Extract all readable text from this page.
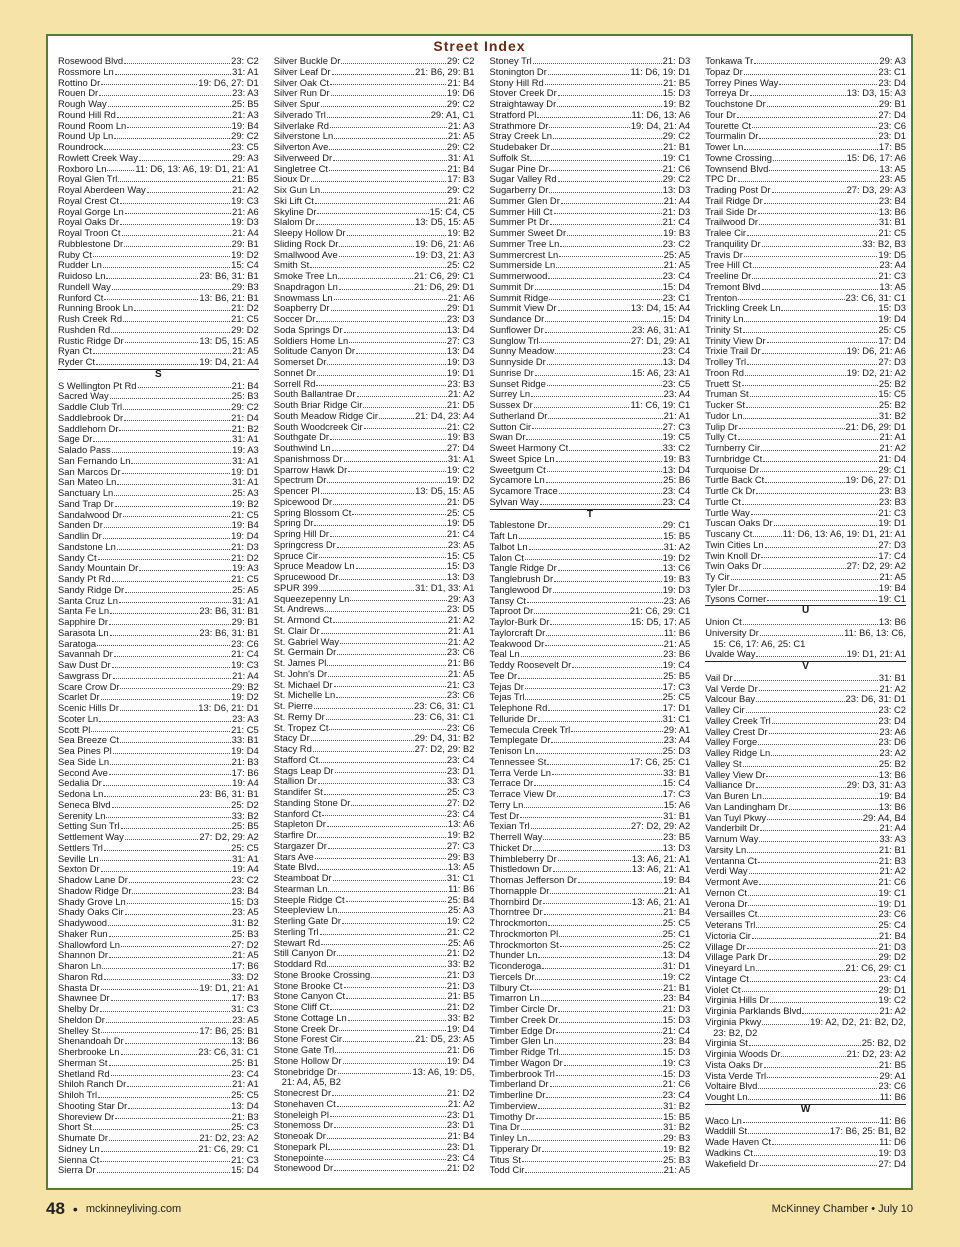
Street Index
Rosewood Blvd	23: C2
Rossmore Ln	31: A1
Rottino Dr	19: D6, 27: D1
Rouen Dr	23: A3
Rough Way	25: B5
Round Hill Rd	21: A3
Round Room Ln	19: B4
Round Up Ln	29: C2
Roundrock	23: C5
Rowlett Creek Way	29: A3
Roxboro Ln	11: D6, 13: A6, 19: D1, 21: A1
Royal Glen Trl	21: B5
Royal Aberdeen Way	21: A2
Royal Crest Ct	19: C3
Royal Gorge Ln	21: A6
Royal Oaks Dr	19: D3
Royal Troon Ct	21: A4
Rubblestone Dr	29: B1
Ruby Ct	19: D2
Rudder Ln	15: C4
Ruidoso Ln	23: B6, 31: B1
Rundell Way	29: B3
Runford Ct	13: B6, 21: B1
Running Brook Ln	21: D2
Rush Creek Rd	21: C5
Rushden Rd	29: D2
Rustic Ridge Dr	13: D5, 15: A5
Ryan Ct	21: A5
Ryder Ct	19: D4, 21: A4
S
S Wellington Pt Rd	21: B4
Sacred Way	25: B3
Saddle Club Trl	29: C2
Saddlebrook Dr	21: D4
Saddlehorn Dr	21: B2
Sage Dr	31: A1
Salado Pass	19: A3
San Fernando Ln	31: A1
San Marcos Dr	19: D1
San Mateo Ln	31: A1
Sanctuary Ln	25: A3
Sand Trap Dr	19: B2
Sandalwood Dr	21: C5
Sanden Dr	19: B4
Sandlin Dr	19: D4
Sandstone Ln	21: D3
Sandy Ct	21: D2
Sandy Mountain Dr	19: A3
Sandy Pt Rd	21: C5
Sandy Ridge Dr	25: A5
Santa Cruz Ln	31: A1
Santa Fe Ln	23: B6, 31: B1
Sapphire Dr	29: B1
Sarasota Ln	23: B6, 31: B1
Saratoga	23: C6
Savannah Dr	21: C4
Saw Dust Dr	19: C3
Sawgrass Dr	21: A4
Scare Crow Dr	29: B2
Scarlet Dr	19: D2
Scenic Hills Dr	13: D6, 21: D1
Scoter Ln	23: A3
Scott Pl	21: C5
Sea Breeze Ct	33: B1
Sea Pines Pl	19: D4
Sea Side Ln	21: B3
Second Ave	17: B6
Sedalia Dr	19: A4
Sedona Ln	23: B6, 31: B1
Seneca Blvd	25: D2
Serenity Ln	33: B2
Setting Sun Trl	25: B5
Settlement Way	27: D2, 29: A2
Settlers Trl	25: C5
Seville Ln	31: A1
Sexton Dr	19: A4
Shadow Lane Dr	23: C2
Shadow Ridge Dr	23: B4
Shady Grove Ln	15: D3
Shady Oaks Cir	23: A5
Shadywood	31: B2
Shaker Run	25: B3
Shallowford Ln	27: D2
Shannon Dr	21: A5
Sharon Ln	17: B6
Sharon Rd	33: D2
Shasta Dr	19: D1, 21: A1
Shawnee Dr	17: B3
Shelby Dr	31: C3
Sheldon Dr	23: A5
Shelley St	17: B6, 25: B1
Shenandoah Dr	13: B6
Sherbrooke Ln	23: C6, 31: C1
Sherman St	25: B1
Shetland Rd	23: C4
Shiloh Ranch Dr	21: A1
Shiloh Trl	25: C5
Shooting Star Dr	13: D4
Shoreview Dr	21: B3
Short St	25: C3
Shumate Dr	21: D2, 23: A2
Sidney Ln	21: C6, 29: C1
Sienna Ct	21: C3
Sierra Dr	15: D4
Silver Buckle Dr	29: C2
Silver Leaf Dr	21: B6, 29: B1
Silver Oak Ct	21: B4
Silver Run Dr	19: D6
Silver Spur	29: C2
Silverado Trl	29: A1, C1
Silverlake Rd	21: A3
Silverstone Ln	21: A5
Silverton Ave	29: C2
Silverweed Dr	31: A1
Singletree Ct	21: B4
Sioux Dr	17: B3
Six Gun Ln	29: C2
Ski Lift Ct	21: A6
Skyline Dr	15: C4, C5
Slalom Dr	13: D5, 15: A5
Sleepy Hollow Dr	19: B2
Sliding Rock Dr	19: D6, 21: A6
Smallwood Ave	19: D3, 21: A3
Smith St	25: C2
Smoke Tree Ln	21: C6, 29: C1
Snapdragon Ln	21: D6, 29: D1
Snowmass Ln	21: A6
Soapberry Dr	29: D1
Soccer Dr	23: D3
Soda Springs Dr	13: D4
Soldiers Home Ln	27: C3
Solitude Canyon Dr	13: D4
Somerset Dr	19: D3
Sonnet Dr	19: D1
Sorrell Rd	23: B3
South Ballantrae Dr	21: A2
South Briar Ridge Cir	21: D5
South Meadow Ridge Cir	21: D4, 23: A4
South Woodcreek Cir	21: C2
Southgate Dr	19: B3
Southwind Ln	27: D4
Spanishmoss Dr	31: A1
Sparrow Hawk Dr	19: C2
Spectrum Dr	19: D2
Spencer Pl	13: D5, 15: A5
Spicewood Dr	21: D5
Spring Blossom Ct	25: C5
Spring Dr	19: D5
Spring Hill Dr	21: C4
Springcress Dr	23: A5
Spruce Cir	15: C5
Spruce Meadow Ln	15: D3
Sprucewood Dr	13: D3
SPUR 399	31: D1, 33: A1
Squeezepenny Ln	29: A3
St. Andrews	23: D5
St. Armond Ct	21: A2
St. Clair Dr	21: A1
St. Gabriel Way	21: A2
St. Germain Dr	23: C6
St. James Pl	21: B6
St. John's Dr	21: A5
St. Michael Dr	21: C3
St. Michelle Ln	23: C6
St. Pierre	23: C6, 31: C1
St. Remy Dr	23: C6, 31: C1
St. Tropez Ct	23: C6
Stacy Dr	29: D4, 31: B2
Stacy Rd	27: D2, 29: B2
Stafford Ct	23: C4
Stags Leap Dr	23: D1
Stallion Dr	33: C3
Standifer St	25: C3
Standing Stone Dr	27: D2
Stanford Ct	23: C4
Stapleton Dr	13: A6
Starfire Dr	19: B2
Stargazer Dr	27: C3
Stars Ave	29: B3
State Blvd	13: A5
Steamboat Dr	31: C1
Stearman Ln	11: B6
Steeple Ridge Ct	25: B4
Steepleview Ln	25: A3
Sterling Gate Dr	19: C2
Sterling Trl	21: C2
Stewart Rd	25: A6
Still Canyon Dr	21: D2
Stoddard Rd	33: B2
Stone Brooke Crossing	21: D3
Stone Brooke Ct	21: D3
Stone Canyon Ct	21: B5
Stone Cliff Ct	21: D2
Stone Cottage Ln	33: B2
Stone Creek Dr	19: D4
Stone Forest Cir	21: D5, 23: A5
Stone Gate Trl	21: D6
Stone Hollow Dr	19: D4
Stonebridge Dr	13: A6, 19: D5,
21: A4, A5, B2
Stonecrest Dr	21: D2
Stonehaven Ct	21: A2
Stoneleigh Pl	23: D1
Stonemoss Dr	23: D1
Stoneoak Dr	21: B4
Stonepark Pl	23: D1
Stonepointe	23: C4
Stonewood Dr	21: D2
Stoney Trl	21: D3
Stonington Dr	11: D6, 19: D1
Stony Hill Rd	21: B5
Stover Creek Dr	15: D3
Straightaway Dr	19: B2
Stratford Pl	11: D6, 13: A6
Strathmore Dr	19: D4, 21: A4
Stray Creek Ln	29: C2
Studebaker Dr	21: B1
Suffolk St	19: C1
Sugar Pine Dr	21: C6
Sugar Valley Rd	29: C2
Sugarberry Dr	13: D3
Summer Glen Dr	21: A4
Summer Hill Ct	21: D3
Summer Pt Dr	21: C4
Summer Sweet Dr	19: B3
Summer Tree Ln	23: C2
Summercrest Ln	25: A5
Summerside Ln	21: A5
Summerwood	23: C4
Summit Dr	15: D4
Summit Ridge	23: C1
Summit View Dr	13: D4, 15: A4
Sundance Dr	15: D4
Sunflower Dr	23: A6, 31: A1
Sunglow Trl	27: D1, 29: A1
Sunny Meadow	23: C4
Sunnyside Dr	13: D4
Sunrise Dr	15: A6, 23: A1
Sunset Ridge	23: C5
Surrey Ln	23: A4
Sussex Dr	11: C6, 19: C1
Sutherland Dr	21: A1
Sutton Cir	27: C3
Swan Dr	19: C5
Sweet Harmony Ct	33: C2
Sweet Spice Ln	19: B3
Sweetgum Ct	13: D4
Sycamore Ln	25: B6
Sycamore Trace	23: C4
Sylvan Way	23: C4
T
Tablestone Dr	29: C1
Taft Ln	15: B5
Talbot Ln	31: A2
Talon Ct	19: D2
Tangle Ridge Dr	13: C6
Tanglebrush Dr	19: B3
Tanglewood Dr	19: D3
Tansy Ct	23: A6
Taproot Dr	21: C6, 29: C1
Taylor-Burk Dr	15: D5, 17: A5
Taylorcraft Dr	11: B6
Teakwood Dr	21: A5
Teal Ln	23: B6
Teddy Roosevelt Dr	19: C4
Tee Dr	25: B5
Tejas Dr	17: C3
Tejas Trl	25: C5
Telephone Rd	17: D1
Telluride Dr	31: C1
Temecula Creek Trl	29: A1
Templegate Dr	23: A4
Tenison Ln	25: D3
Tennessee St	17: C6, 25: C1
Terra Verde Ln	33: B1
Terrace Dr	15: C4
Terrace View Dr	17: C3
Terry Ln	15: A6
Test Dr	31: B1
Texian Trl	27: D2, 29: A2
Therrell Way	23: B5
Thicket Dr	13: D3
Thimbleberry Dr	13: A6, 21: A1
Thistledown Dr	13: A6, 21: A1
Thomas Jefferson Dr	19: B4
Thornapple Dr	21: A1
Thornbird Dr	13: A6, 21: A1
Thorntree Dr	21: B4
Throckmorton	25: C5
Throckmorton Pl	25: C1
Throckmorton St	25: C2
Thunder Ln	13: D4
Ticonderoga	31: D1
Tiercels Dr	19: C2
Tilbury Ct	21: B1
Timarron Ln	23: B4
Timber Circle Dr	21: D3
Timber Creek Dr	15: D3
Timber Edge Dr	21: C4
Timber Glen Ln	23: B4
Timber Ridge Trl	15: D3
Timber Wagon Dr	19: C3
Timberbrook Trl	15: D3
Timberland Dr	21: C6
Timberline Dr	23: C4
Timberview	31: B2
Timothy Dr	15: B5
Tina Dr	31: B2
Tinley Ln	29: B3
Tipperary Dr	19: B2
Titus St	25: B3
Todd Cir	21: A5
Tonkawa Tr	29: A3
Topaz Dr	23: C1
Torrey Pines Way	23: D4
Torreya Dr	13: D3, 15: A3
Touchstone Dr	29: B1
Tour Dr	27: D4
Tourette Ct	23: C6
Tourmalin Dr	23: D1
Tower Ln	17: B5
Towne Crossing	15: D6, 17: A6
Townsend Blvd	13: A5
TPC Dr	23: A5
Trading Post Dr	27: D3, 29: A3
Trail Ridge Dr	23: B4
Trail Side Dr	13: B6
Trailwood Dr	31: B1
Tralee Cir	21: C5
Tranquility Dr	33: B2, B3
Travis Dr	19: D5
Tree Hill Ct	23: A4
Treeline Dr	21: C3
Tremont Blvd	13: A5
Trenton	23: C6, 31: C1
Trickling Creek Ln	15: D3
Trinity Ln	19: D4
Trinity St	25: C5
Trinity View Dr	17: D4
Trixie Trail Dr	19: D6, 21: A6
Trolley Trl	27: D3
Troon Rd	19: D2, 21: A2
Truett St	25: B2
Truman St	15: C5
Tucker St	25: B2
Tudor Ln	31: B2
Tulip Dr	21: D6, 29: D1
Tully Ct	21: A1
Turnberry Cir	21: A2
Turnbridge Ct	21: D4
Turquoise Dr	29: C1
Turtle Back Ct	19: D6, 27: D1
Turtle Ck Dr	23: B3
Turtle Ct	23: B3
Turtle Way	21: C3
Tuscan Oaks Dr	19: D1
Tuscany Ct	11: D6, 13: A6, 19: D1, 21: A1
Twin Cities Ln	27: D3
Twin Knoll Dr	17: C4
Twin Oaks Dr	27: D2, 29: A2
Ty Cir	21: A5
Tyler Dr	19: B4
Tysons Corner	19: C1
U
Union Ct	13: B6
University Dr	11: B6, 13: C6,
15: C6, 17: A6, 25: C1
Uvalde Way	19: D1, 21: A1
V
Vail Dr	31: B1
Val Verde Dr	21: A2
Valcour Bay	23: D6, 31: D1
Valley Cir	23: C2
Valley Creek Trl	23: D4
Valley Crest Dr	23: A6
Valley Forge	23: D6
Valley Ridge Ln	23: A2
Valley St	25: B2
Valley View Dr	13: B6
Valliance Dr	29: D3, 31: A3
Van Buren Ln	19: B4
Van Landingham Dr	13: B6
Van Tuyl Pkwy	29: A4, B4
Vanderbilt Dr	21: A4
Varnum Way	33: A3
Varsity Ln	21: B1
Ventanna Ct	21: B3
Verdi Way	21: A2
Vermont Ave	21: C6
Vernon Ct	19: C1
Verona Dr	19: D1
Versailles Ct	23: C6
Veterans Trl	25: C4
Victoria Cir	21: B4
Village Dr	21: D3
Village Park Dr	29: D2
Vineyard Ln	21: C6, 29: C1
Vintage Ct	23: C4
Violet Ct	29: D1
Virginia Hills Dr	19: C2
Virginia Parklands Blvd	21: A2
Virginia Pkwy	19: A2, D2, 21: B2, D2,
23: B2, D2
Virginia St	25: B2, D2
Virginia Woods Dr	21: D2, 23: A2
Vista Oaks Dr	21: B5
Vista Verde Trl	29: A1
Voltaire Blvd	23: C6
Vought Ln	11: B6
W
Waco Ln	11: B6
Waddill St	17: B6, 25: B1, B2
Wade Haven Ct	11: D6
Wadkins Ct	19: D3
Wakefield Dr	27: D4
48 • mckinneyliving.com	McKinney Chamber • July 10
